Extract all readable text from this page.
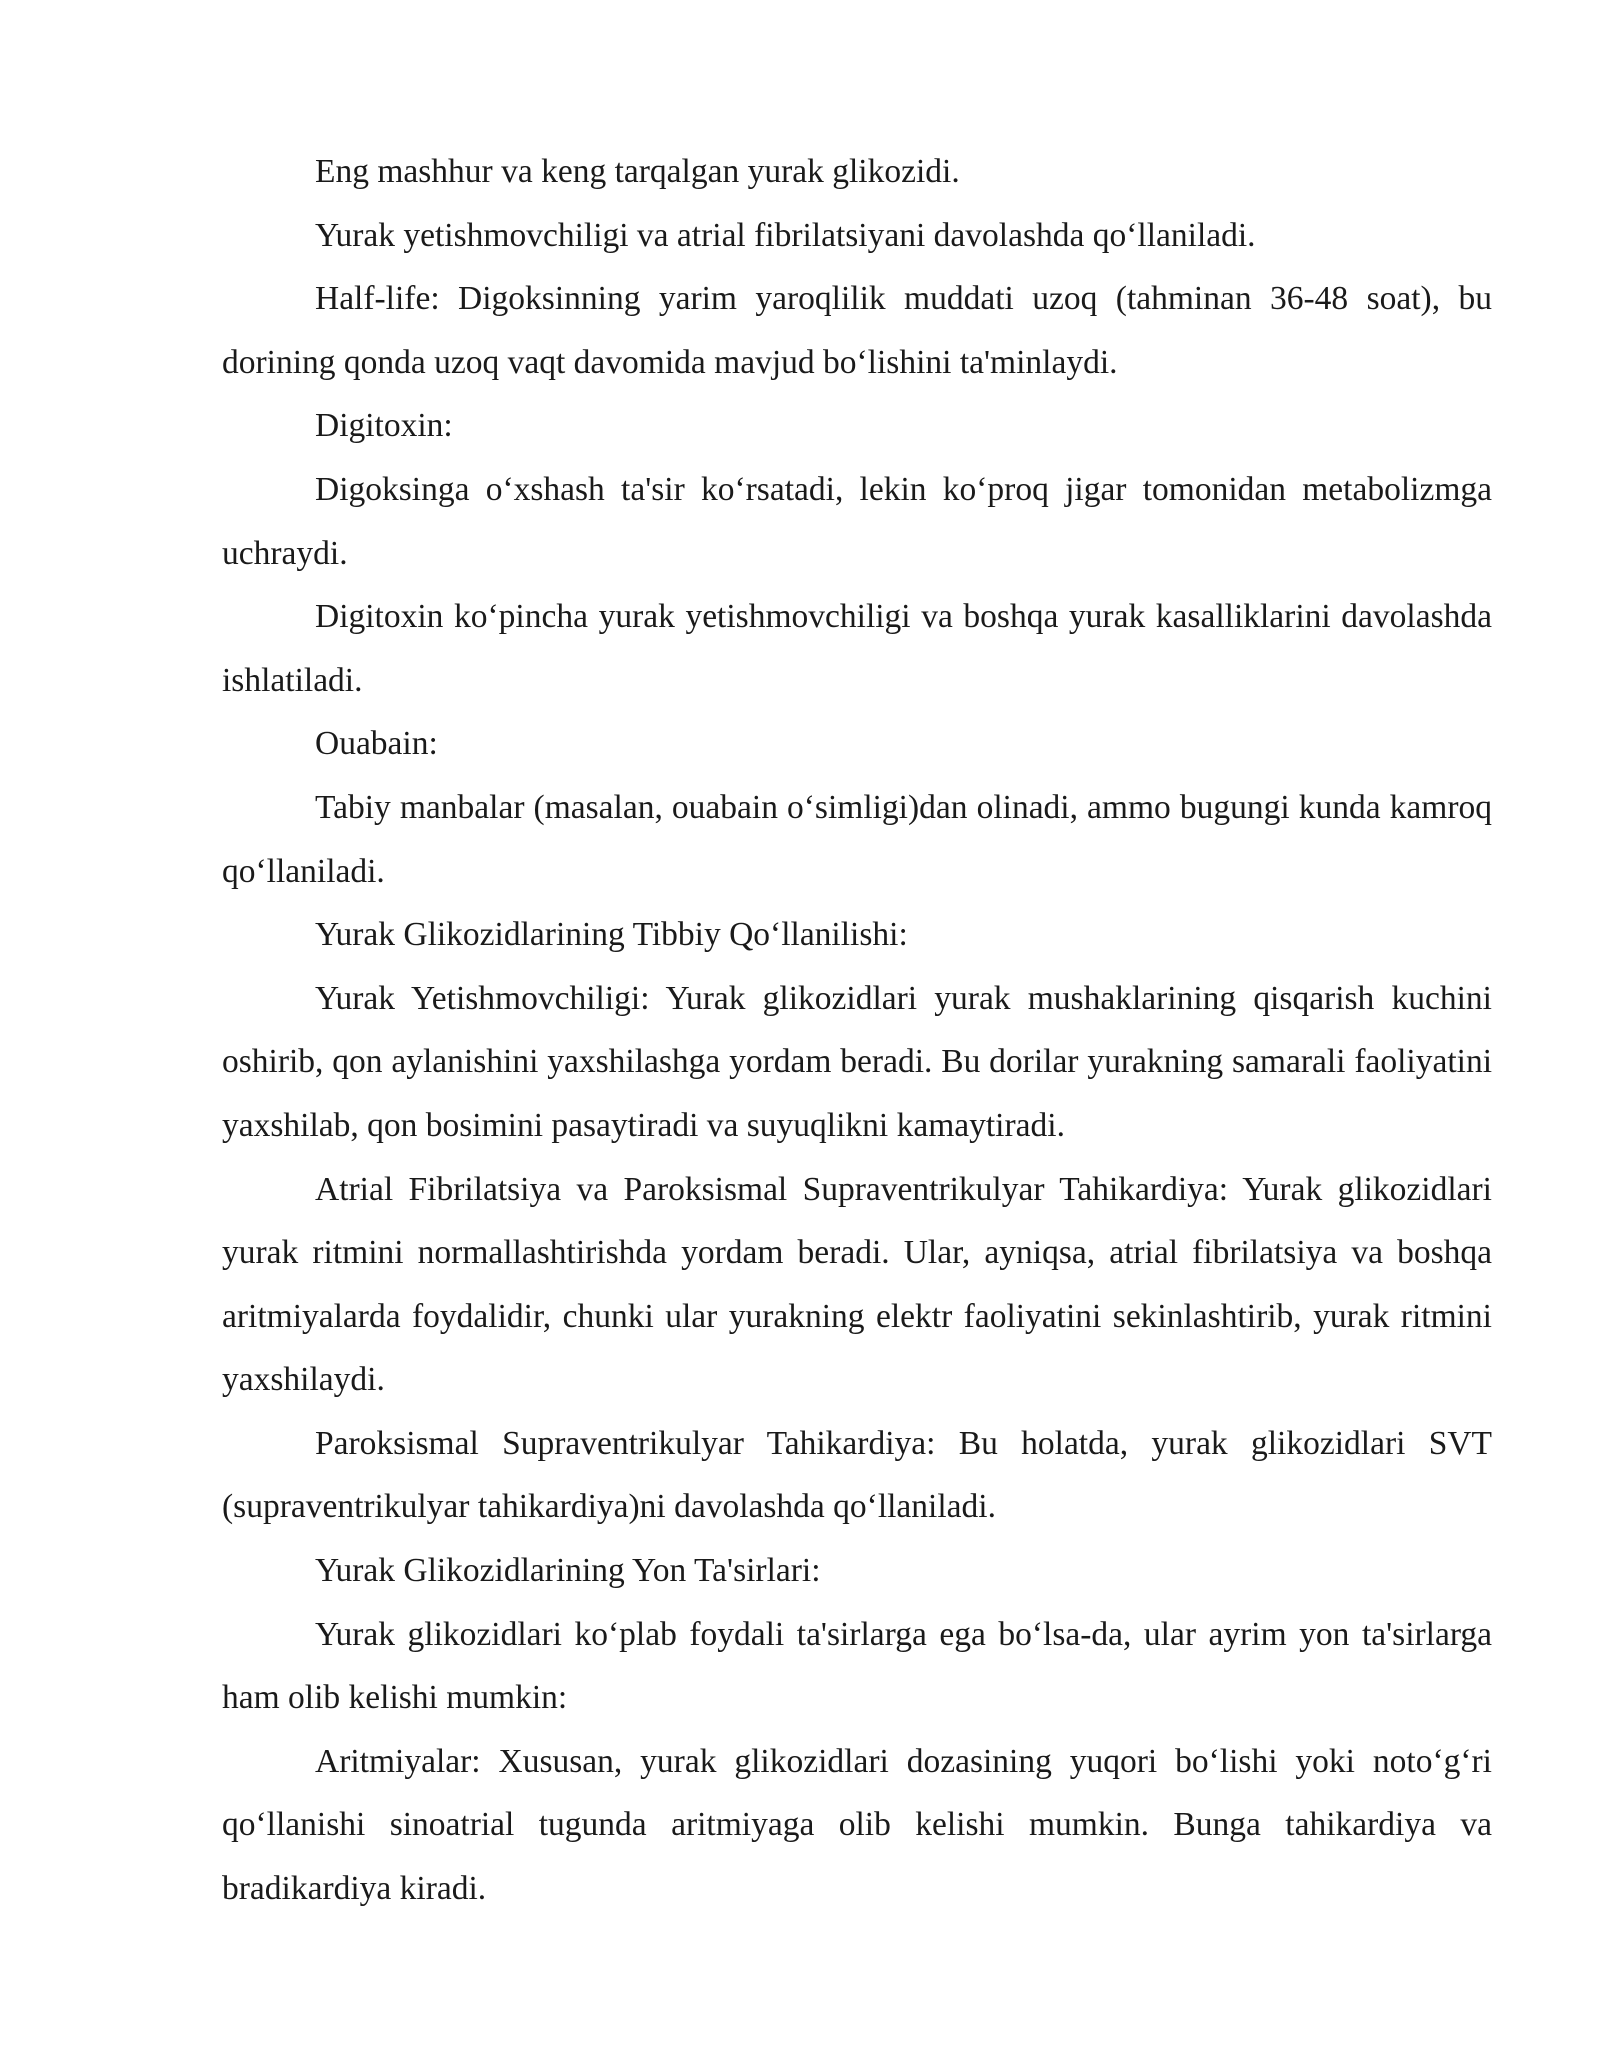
Eng mashhur va keng tarqalgan yurak glikozidi.

Yurak yetishmovchiligi va atrial fibrilatsiyani davolashda qo‘llaniladi.

Half-life: Digoksinning yarim yaroqlilik muddati uzoq (tahminan 36-48 soat), bu dorining qonda uzoq vaqt davomida mavjud bo‘lishini ta'minlaydi.

Digitoxin:

Digoksinga o‘xshash ta'sir ko‘rsatadi, lekin ko‘proq jigar tomonidan metabolizmga uchraydi.

Digitoxin ko‘pincha yurak yetishmovchiligi va boshqa yurak kasalliklarini davolashda ishlatiladi.

Ouabain:

Tabiy manbalar (masalan, ouabain o‘simligi)dan olinadi, ammo bugungi kunda kamroq qo‘llaniladi.

Yurak Glikozidlarining Tibbiy Qo‘llanilishi:

Yurak Yetishmovchiligi: Yurak glikozidlari yurak mushaklarining qisqarish kuchini oshirib, qon aylanishini yaxshilashga yordam beradi. Bu dorilar yurakning samarali faoliyatini yaxshilab, qon bosimini pasaytiradi va suyuqlikni kamaytiradi.

Atrial Fibrilatsiya va Paroksismal Supraventrikulyar Tahikardiya: Yurak glikozidlari yurak ritmini normallashtirishda yordam beradi. Ular, ayniqsa, atrial fibrilatsiya va boshqa aritmiyalarda foydalidir, chunki ular yurakning elektr faoliyatini sekinlashtirib, yurak ritmini yaxshilaydi.

Paroksismal Supraventrikulyar Tahikardiya: Bu holatda, yurak glikozidlari SVT (supraventrikulyar tahikardiya)ni davolashda qo‘llaniladi.

Yurak Glikozidlarining Yon Ta'sirlari:

Yurak glikozidlari ko‘plab foydali ta'sirlarga ega bo‘lsa-da, ular ayrim yon ta'sirlarga ham olib kelishi mumkin:

Aritmiyalar: Xususan, yurak glikozidlari dozasining yuqori bo‘lishi yoki noto‘g‘ri qo‘llanishi sinoatrial tugunda aritmiyaga olib kelishi mumkin. Bunga tahikardiya va bradikardiya kiradi.
